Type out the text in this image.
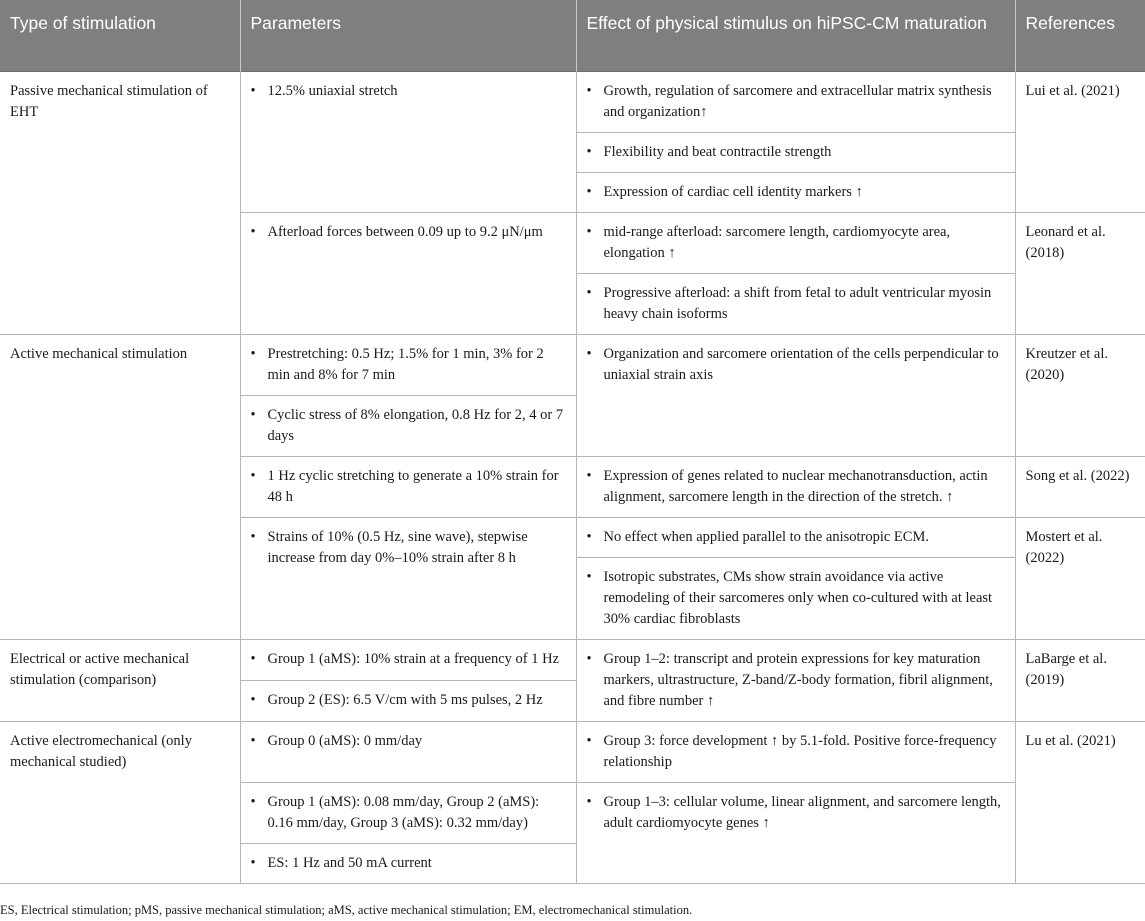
Type of stimulation	Parameters	Effect of physical stimulus on hiPSC-CM maturation	References
Passive mechanical stimulation of EHT	• 12.5% uniaxial stretch	• Growth, regulation of sarcomere and extracellular matrix synthesis and organization↑	Lui et al. (2021)

		• Flexibility and beat contractile strength

		• Expression of cardiac cell identity markers ↑

	• Afterload forces between 0.09 up to 9.2 μN/μm	• mid-range afterload: sarcomere length, cardiomyocyte area, elongation ↑	Leonard et al. (2018)

		• Progressive afterload: a shift from fetal to adult ventricular myosin heavy chain isoforms

Active mechanical stimulation	• Prestretching: 0.5 Hz; 1.5% for 1 min, 3% for 2 min and 8% for 7 min	• Organization and sarcomere orientation of the cells perpendicular to uniaxial strain axis	Kreutzer et al. (2020)

	• Cyclic stress of 8% elongation, 0.8 Hz for 2, 4 or 7 days

	• 1 Hz cyclic stretching to generate a 10% strain for 48 h	• Expression of genes related to nuclear mechanotransduction, actin alignment, sarcomere length in the direction of the stretch. ↑	Song et al. (2022)

	• Strains of 10% (0.5 Hz, sine wave), stepwise increase from day 0%–10% strain after 8 h	• No effect when applied parallel to the anisotropic ECM.	Mostert et al. (2022)

		• Isotropic substrates, CMs show strain avoidance via active remodeling of their sarcomeres only when co-cultured with at least 30% cardiac fibroblasts

Electrical or active mechanical stimulation (comparison)	• Group 1 (aMS): 10% strain at a frequency of 1 Hz	• Group 1–2: transcript and protein expressions for key maturation markers, ultrastructure, Z-band/Z-body formation, fibril alignment, and fibre number ↑	LaBarge et al. (2019)

	• Group 2 (ES): 6.5 V/cm with 5 ms pulses, 2 Hz

Active electromechanical (only mechanical studied)	• Group 0 (aMS): 0 mm/day	• Group 3: force development ↑ by 5.1-fold. Positive force-frequency relationship	Lu et al. (2021)

	• Group 1 (aMS): 0.08 mm/day, Group 2 (aMS): 0.16 mm/day, Group 3 (aMS): 0.32 mm/day)	• Group 1–3: cellular volume, linear alignment, and sarcomere length, adult cardiomyocyte genes ↑

	• ES: 1 Hz and 50 mA current
ES, Electrical stimulation; pMS, passive mechanical stimulation; aMS, active mechanical stimulation; EM, electromechanical stimulation.
